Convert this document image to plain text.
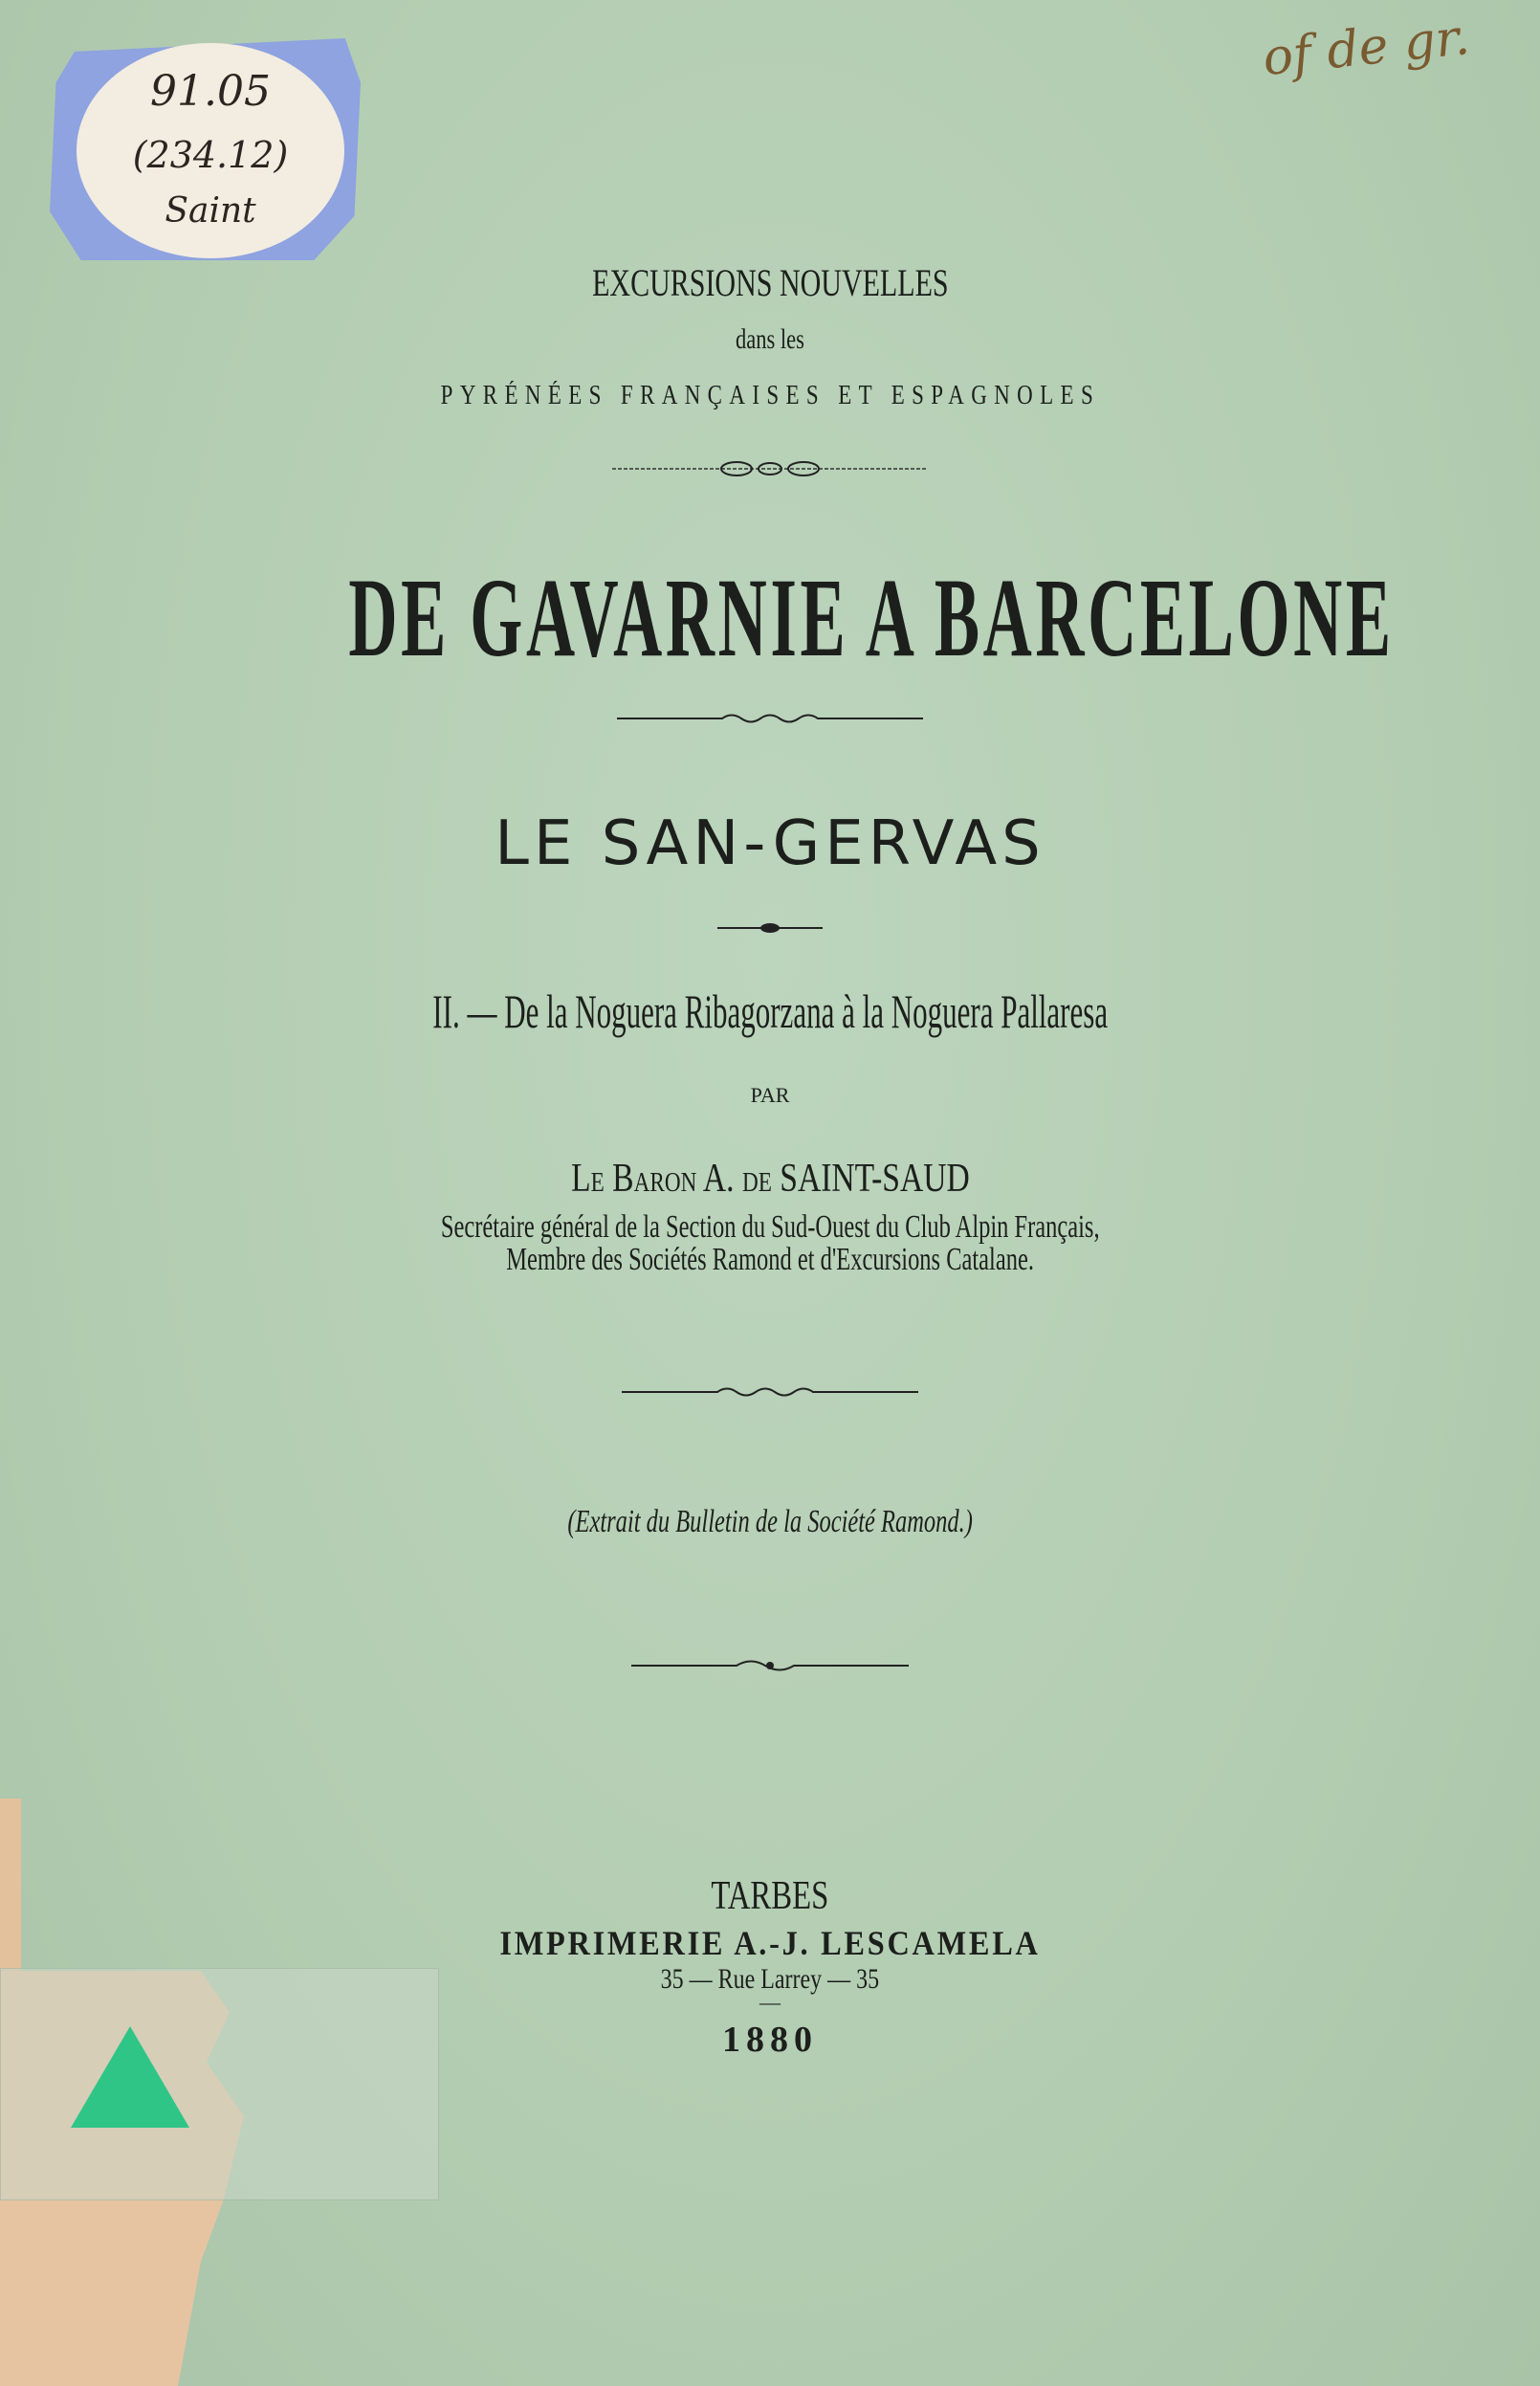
91.05
(234.12)
Saint
of de gr.
EXCURSIONS NOUVELLES
dans les
PYRÉNÉES FRANÇAISES ET ESPAGNOLES
DE GAVARNIE A BARCELONE
LE SAN-GERVAS
II. — De la Noguera Ribagorzana à la Noguera Pallaresa
PAR
Le Baron A. de SAINT-SAUD
Secrétaire général de la Section du Sud-Ouest du Club Alpin Français,
Membre des Sociétés Ramond et d'Excursions Catalane.
(Extrait du Bulletin de la Société Ramond.)
TARBES
IMPRIMERIE A.-J. LESCAMELA
35 — Rue Larrey — 35
—
1880
